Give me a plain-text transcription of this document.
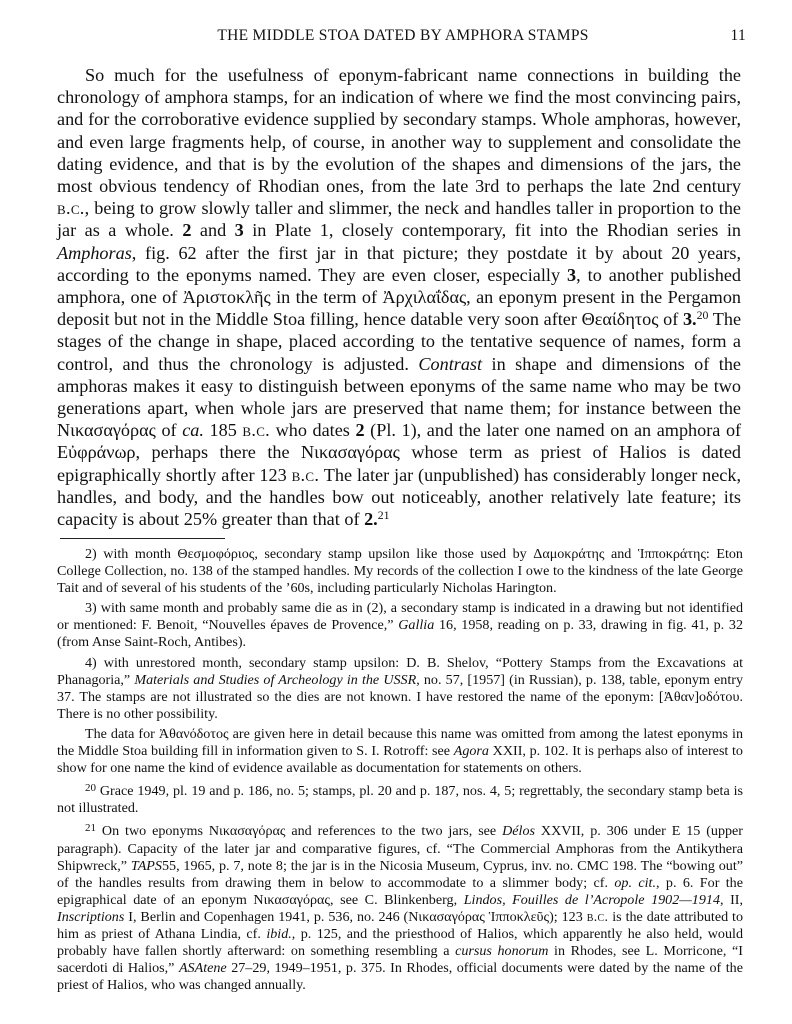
THE MIDDLE STOA DATED BY AMPHORA STAMPS	11

So much for the usefulness of eponym-fabricant name connections in building the chronology of amphora stamps, for an indication of where we find the most convincing pairs, and for the corroborative evidence supplied by secondary stamps. Whole amphoras, however, and even large fragments help, of course, in another way to supplement and consolidate the dating evidence, and that is by the evolution of the shapes and dimensions of the jars, the most obvious tendency of Rhodian ones, from the late 3rd to perhaps the late 2nd century b.c., being to grow slowly taller and slimmer, the neck and handles taller in proportion to the jar as a whole. 2 and 3 in Plate 1, closely contemporary, fit into the Rhodian series in Amphoras, fig. 62 after the first jar in that picture; they postdate it by about 20 years, according to the eponyms named. They are even closer, especially 3, to another published amphora, one of Ἀριστοκλῆς in the term of Ἀρχιλαΐδας, an eponym present in the Pergamon deposit but not in the Middle Stoa filling, hence datable very soon after Θεαίδητος of 3.20 The stages of the change in shape, placed according to the tentative sequence of names, form a control, and thus the chronology is adjusted. Contrast in shape and dimensions of the amphoras makes it easy to distinguish between eponyms of the same name who may be two generations apart, when whole jars are preserved that name them; for instance between the Νικασαγόρας of ca. 185 b.c. who dates 2 (Pl. 1), and the later one named on an amphora of Εὐφράνωρ, perhaps there the Νικασαγόρας whose term as priest of Halios is dated epigraphically shortly after 123 b.c. The later jar (unpublished) has considerably longer neck, handles, and body, and the handles bow out noticeably, another relatively late feature; its capacity is about 25% greater than that of 2.21

2) with month Θεσμοφόριος, secondary stamp upsilon like those used by Δαμοκράτης and Ἱπποκράτης: Eton College Collection, no. 138 of the stamped handles. My records of the collection I owe to the kindness of the late George Tait and of several of his students of the ’60s, including particularly Nicholas Harington.

3) with same month and probably same die as in (2), a secondary stamp is indicated in a drawing but not identified or mentioned: F. Benoit, “Nouvelles épaves de Provence,” Gallia 16, 1958, reading on p. 33, drawing in fig. 41, p. 32 (from Anse Saint-Roch, Antibes).

4) with unrestored month, secondary stamp upsilon: D. B. Shelov, “Pottery Stamps from the Excavations at Phanagoria,” Materials and Studies of Archeology in the USSR, no. 57, [1957] (in Russian), p. 138, table, eponym entry 37. The stamps are not illustrated so the dies are not known. I have restored the name of the eponym: [Ἀθαν]οδότου. There is no other possibility.

The data for Ἀθανόδοτος are given here in detail because this name was omitted from among the latest eponyms in the Middle Stoa building fill in information given to S. I. Rotroff: see Agora XXII, p. 102. It is perhaps also of interest to show for one name the kind of evidence available as documentation for statements on others.

$^{20}$ Grace 1949, pl. 19 and p. 186, no. 5; stamps, pl. 20 and p. 187, nos. 4, 5; regrettably, the secondary stamp beta is not illustrated.

$^{21}$ On two eponyms Νικασαγόρας and references to the two jars, see Délos XXVII, p. 306 under E 15 (upper paragraph). Capacity of the later jar and comparative figures, cf. “The Commercial Amphoras from the Antikythera Shipwreck,” TAPS55, 1965, p. 7, note 8; the jar is in the Nicosia Museum, Cyprus, inv. no. CMC 198. The “bowing out” of the handles results from drawing them in below to accommodate to a slimmer body; cf. op. cit., p. 6. For the epigraphical date of an eponym Νικασαγόρας, see C. Blinkenberg, Lindos, Fouilles de l’Acropole 1902—1914, II, Inscriptions I, Berlin and Copenhagen 1941, p. 536, no. 246 (Νικασαγόρας Ἱπποκλεῦς); 123 b.c. is the date attributed to him as priest of Athana Lindia, cf. ibid., p. 125, and the priesthood of Halios, which apparently he also held, would probably have fallen shortly afterward: on something resembling a cursus honorum in Rhodes, see L. Morricone, “I sacerdoti di Halios,” ASAtene 27–29, 1949–1951, p. 375. In Rhodes, official documents were dated by the name of the priest of Halios, who was changed annually.
